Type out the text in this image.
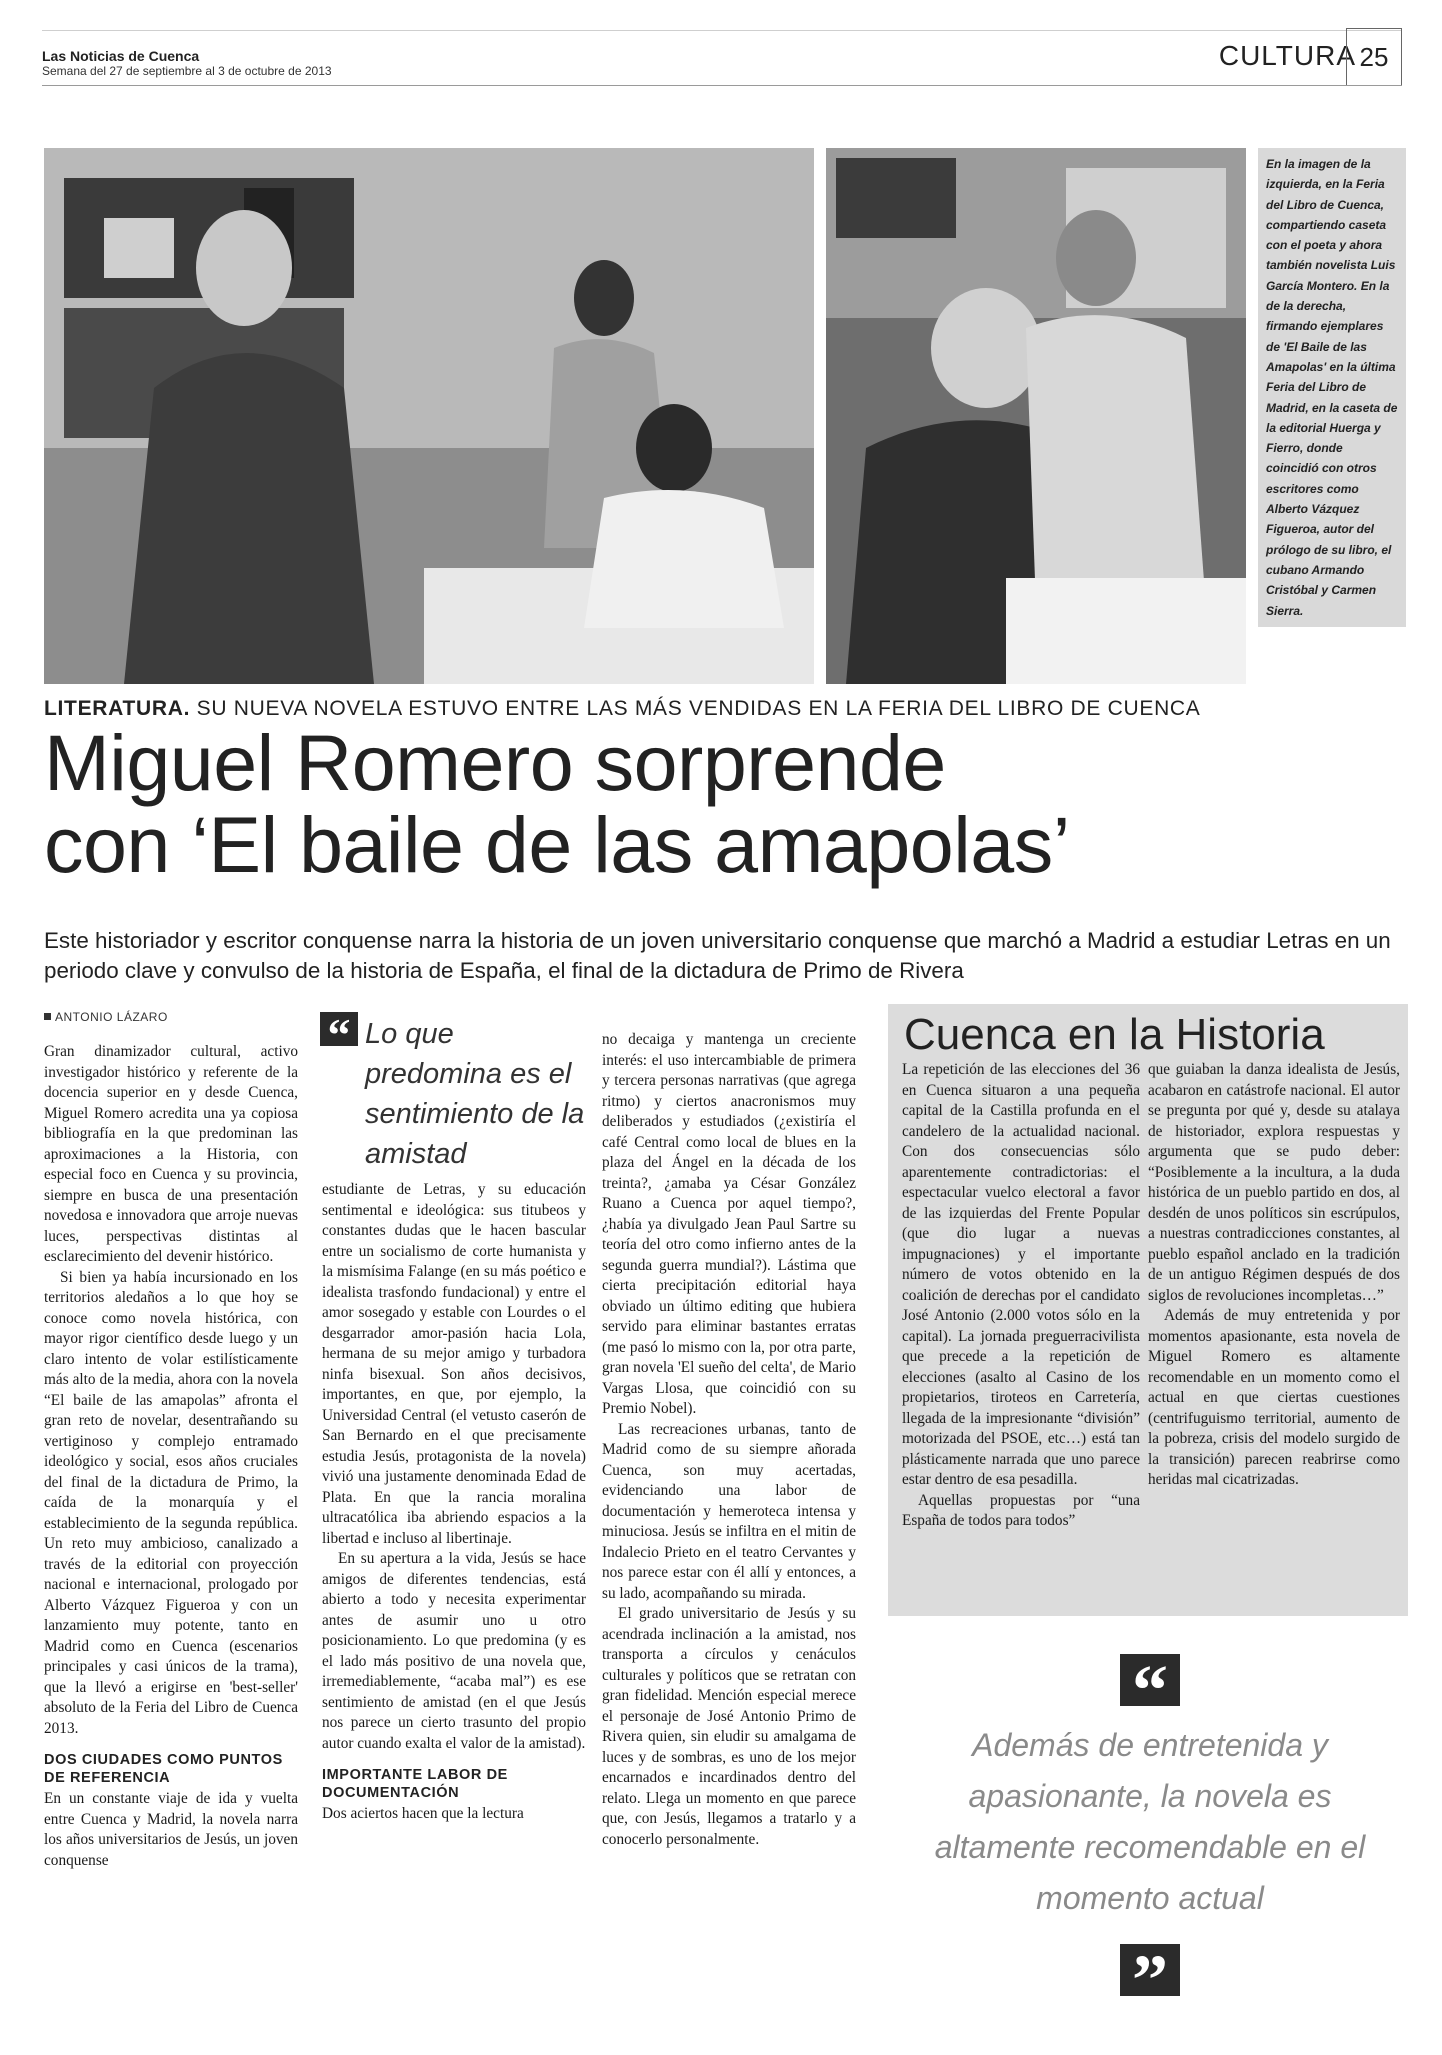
Las Noticias de Cuenca
Semana del 27 de septiembre al 3 de octubre de 2013	CULTURA 25
En la imagen de la izquierda, en la Feria del Libro de Cuenca, compartiendo caseta con el poeta y ahora también novelista Luis García Montero. En la de la derecha, firmando ejemplares de 'El Baile de las Amapolas' en la última Feria del Libro de Madrid, en la caseta de la editorial Huerga y Fierro, donde coincidió con otros escritores como Alberto Vázquez Figueroa, autor del prólogo de su libro, el cubano Armando Cristóbal y Carmen Sierra.
LITERATURA. SU NUEVA NOVELA ESTUVO ENTRE LAS MÁS VENDIDAS EN LA FERIA DEL LIBRO DE CUENCA
Miguel Romero sorprende
con ‘El baile de las amapolas’
Este historiador y escritor conquense narra la historia de un joven universitario conquense que marchó a Madrid a estudiar Letras en un periodo clave y convulso de la historia de España, el final de la dictadura de Primo de Rivera
ANTONIO LÁZARO

Gran dinamizador cultural, activo investigador histórico y referente de la docencia superior en y desde Cuenca, Miguel Romero acredita una ya copiosa bibliografía en la que predominan las aproximaciones a la Historia, con especial foco en Cuenca y su provincia, siempre en busca de una presentación novedosa e innovadora que arroje nuevas luces, perspectivas distintas al esclarecimiento del devenir histórico.

Si bien ya había incursionado en los territorios aledaños a lo que hoy se conoce como novela histórica, con mayor rigor científico desde luego y un claro intento de volar estilísticamente más alto de la media, ahora con la novela “El baile de las amapolas” afronta el gran reto de novelar, desentrañando su vertiginoso y complejo entramado ideológico y social, esos años cruciales del final de la dictadura de Primo, la caída de la monarquía y el establecimiento de la segunda república. Un reto muy ambicioso, canalizado a través de la editorial con proyección nacional e internacional, prologado por Alberto Vázquez Figueroa y con un lanzamiento muy potente, tanto en Madrid como en Cuenca (escenarios principales y casi únicos de la trama), que la llevó a erigirse en 'best-seller' absoluto de la Feria del Libro de Cuenca 2013.

DOS CIUDADES COMO PUNTOS DE REFERENCIA

En un constante viaje de ida y vuelta entre Cuenca y Madrid, la novela narra los años universitarios de Jesús, un joven conquense

“ Lo que predomina es el sentimiento de la amistad

estudiante de Letras, y su educación sentimental e ideológica: sus titubeos y constantes dudas que le hacen bascular entre un socialismo de corte humanista y la mismísima Falange (en su más poético e idealista trasfondo fundacional) y entre el amor sosegado y estable con Lourdes o el desgarrador amor-pasión hacia Lola, hermana de su mejor amigo y turbadora ninfa bisexual. Son años decisivos, importantes, en que, por ejemplo, la Universidad Central (el vetusto caserón de San Bernardo en el que precisamente estudia Jesús, protagonista de la novela) vivió una justamente denominada Edad de Plata. En que la rancia moralina ultracatólica iba abriendo espacios a la libertad e incluso al libertinaje.

En su apertura a la vida, Jesús se hace amigos de diferentes tendencias, está abierto a todo y necesita experimentar antes de asumir uno u otro posicionamiento. Lo que predomina (y es el lado más positivo de una novela que, irremediablemente, “acaba mal”) es ese sentimiento de amistad (en el que Jesús nos parece un cierto trasunto del propio autor cuando exalta el valor de la amistad).

IMPORTANTE LABOR DE DOCUMENTACIÓN

Dos aciertos hacen que la lectura

no decaiga y mantenga un creciente interés: el uso intercambiable de primera y tercera personas narrativas (que agrega ritmo) y ciertos anacronismos muy deliberados y estudiados (¿existiría el café Central como local de blues en la plaza del Ángel en la década de los treinta?, ¿amaba ya César González Ruano a Cuenca por aquel tiempo?, ¿había ya divulgado Jean Paul Sartre su teoría del otro como infierno antes de la segunda guerra mundial?). Lástima que cierta precipitación editorial haya obviado un último editing que hubiera servido para eliminar bastantes erratas (me pasó lo mismo con la, por otra parte, gran novela 'El sueño del celta', de Mario Vargas Llosa, que coincidió con su Premio Nobel).

Las recreaciones urbanas, tanto de Madrid como de su siempre añorada Cuenca, son muy acertadas, evidenciando una labor de documentación y hemeroteca intensa y minuciosa. Jesús se infiltra en el mitin de Indalecio Prieto en el teatro Cervantes y nos parece estar con él allí y entonces, a su lado, acompañando su mirada.

El grado universitario de Jesús y su acendrada inclinación a la amistad, nos transporta a círculos y cenáculos culturales y políticos que se retratan con gran fidelidad. Mención especial merece el personaje de José Antonio Primo de Rivera quien, sin eludir su amalgama de luces y de sombras, es uno de los mejor encarnados e incardinados dentro del relato. Llega un momento en que parece que, con Jesús, llegamos a tratarlo y a conocerlo personalmente.

Cuenca en la Historia

La repetición de las elecciones del 36 en Cuenca situaron a una pequeña capital de la Castilla profunda en el candelero de la actualidad nacional. Con dos consecuencias sólo aparentemente contradictorias: el espectacular vuelco electoral a favor de las izquierdas del Frente Popular (que dio lugar a nuevas impugnaciones) y el importante número de votos obtenido en la coalición de derechas por el candidato José Antonio (2.000 votos sólo en la capital). La jornada preguerracivilista que precede a la repetición de elecciones (asalto al Casino de los propietarios, tiroteos en Carretería, llegada de la impresionante “división” motorizada del PSOE, etc…) está tan plásticamente narrada que uno parece estar dentro de esa pesadilla.

Aquellas propuestas por “una España de todos para todos”

que guiaban la danza idealista de Jesús, acabaron en catástrofe nacional. El autor se pregunta por qué y, desde su atalaya de historiador, explora respuestas y argumenta que se pudo deber: “Posiblemente a la incultura, a la duda histórica de un pueblo partido en dos, al desdén de unos políticos sin escrúpulos, a nuestras contradicciones constantes, al pueblo español anclado en la tradición de un antiguo Régimen después de dos siglos de revoluciones incompletas…”

Además de muy entretenida y por momentos apasionante, esta novela de Miguel Romero es altamente recomendable en un momento como el actual en que ciertas cuestiones (centrifuguismo territorial, aumento de la pobreza, crisis del modelo surgido de la transición) parecen reabrirse como heridas mal cicatrizadas.

“
Además de entretenida y apasionante, la novela es altamente recomendable en el momento actual
”
